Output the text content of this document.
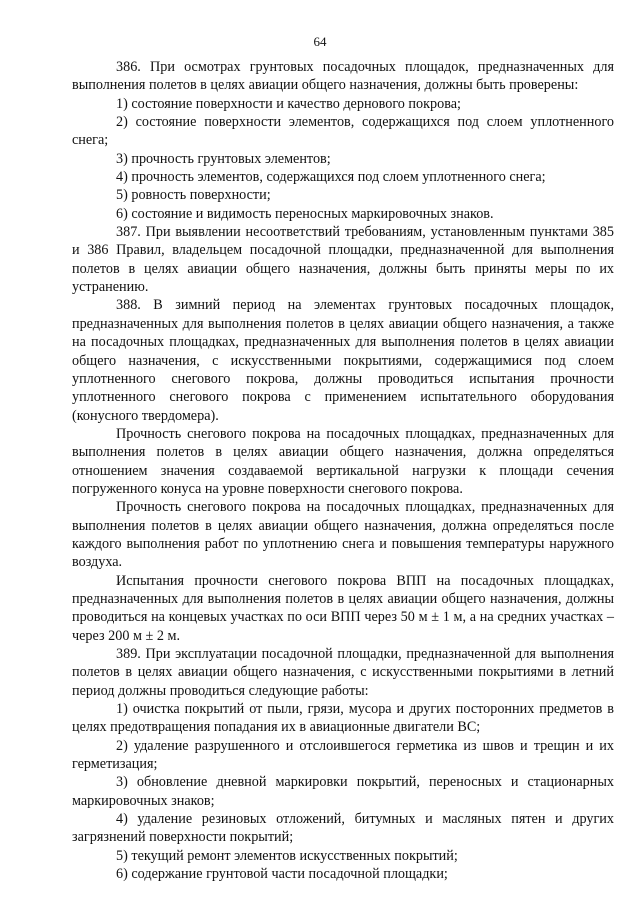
64

386. При осмотрах грунтовых посадочных площадок, предназначенных для выполнения полетов в целях авиации общего назначения, должны быть проверены:

1) состояние поверхности и качество дернового покрова;

2) состояние поверхности элементов, содержащихся под слоем уплотненного снега;

3) прочность грунтовых элементов;

4) прочность элементов, содержащихся под слоем уплотненного снега;

5) ровность поверхности;

6) состояние и видимость переносных маркировочных знаков.

387. При выявлении несоответствий требованиям, установленным пунктами 385 и 386 Правил, владельцем посадочной площадки, предназначенной для выполнения полетов в целях авиации общего назначения, должны быть приняты меры по их устранению.

388. В зимний период на элементах грунтовых посадочных площадок, предназначенных для выполнения полетов в целях авиации общего назначения, а также на посадочных площадках, предназначенных для выполнения полетов в целях авиации общего назначения, с искусственными покрытиями, содержащимися под слоем уплотненного снегового покрова, должны проводиться испытания прочности уплотненного снегового покрова с применением испытательного оборудования (конусного твердомера).

Прочность снегового покрова на посадочных площадках, предназначенных для выполнения полетов в целях авиации общего назначения, должна определяться отношением значения создаваемой вертикальной нагрузки к площади сечения погруженного конуса на уровне поверхности снегового покрова.

Прочность снегового покрова на посадочных площадках, предназначенных для выполнения полетов в целях авиации общего назначения, должна определяться после каждого выполнения работ по уплотнению снега и повышения температуры наружного воздуха.

Испытания прочности снегового покрова ВПП на посадочных площадках, предназначенных для выполнения полетов в целях авиации общего назначения, должны проводиться на концевых участках по оси ВПП через 50 м ± 1 м, а на средних участках – через 200 м ± 2 м.

389. При эксплуатации посадочной площадки, предназначенной для выполнения полетов в целях авиации общего назначения, с искусственными покрытиями в летний период должны проводиться следующие работы:

1) очистка покрытий от пыли, грязи, мусора и других посторонних предметов в целях предотвращения попадания их в авиационные двигатели ВС;

2) удаление разрушенного и отслоившегося герметика из швов и трещин и их герметизация;

3) обновление дневной маркировки покрытий, переносных и стационарных маркировочных знаков;

4) удаление резиновых отложений, битумных и масляных пятен и других загрязнений поверхности покрытий;

5) текущий ремонт элементов искусственных покрытий;

6) содержание грунтовой части посадочной площадки;
